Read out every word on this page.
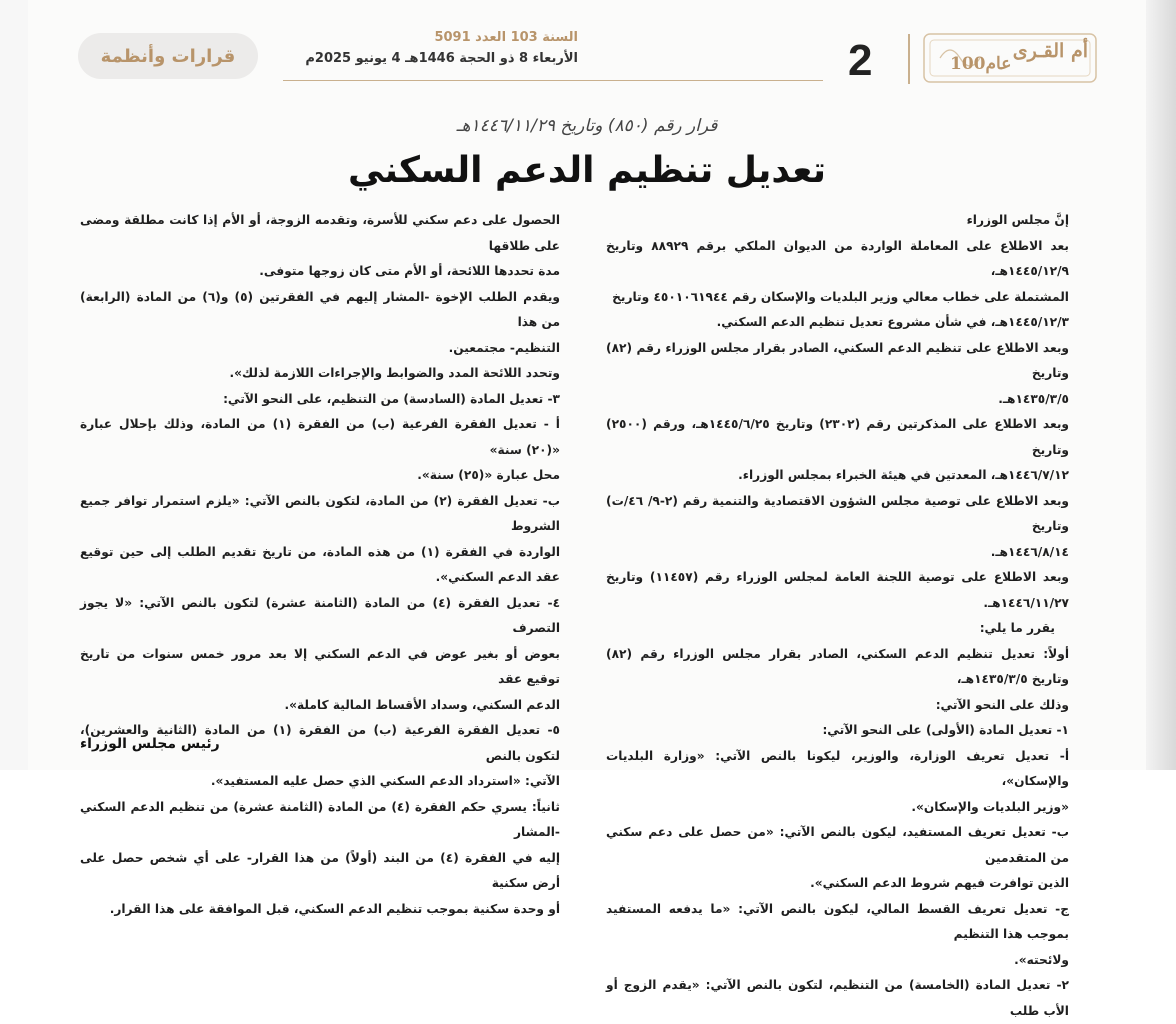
قرارات وأنظمة
السنة 103 العدد 5091
الأربعاء 8 ذو الحجة 1446هـ 4 يونيو 2025م	2	أم القـرى
عام100
قرار رقم (٨٥٠) وتاريخ ١٤٤٦/١١/٢٩هـ
تعديل تنظيم الدعم السكني

إنَّ مجلس الوزراء

بعد الاطلاع على المعاملة الواردة من الديوان الملكي برقم ٨٨٩٢٩ وتاريخ ١٤٤٥/١٢/٩هـ،

المشتملة على خطاب معالي وزير البلديات والإسكان رقم ٤٥٠١٠٦١٩٤٤ وتاريخ

١٤٤٥/١٢/٣هـ، في شأن مشروع تعديل تنظيم الدعم السكني.

وبعد الاطلاع على تنظيم الدعم السكني، الصادر بقرار مجلس الوزراء رقم (٨٢) وتاريخ

١٤٣٥/٣/٥هـ.

وبعد الاطلاع على المذكرتين رقم (٢٣٠٢) وتاريخ ١٤٤٥/٦/٢٥هـ، ورقم (٢٥٠٠) وتاريخ

١٤٤٦/٧/١٢هـ، المعدتين في هيئة الخبراء بمجلس الوزراء.

وبعد الاطلاع على توصية مجلس الشؤون الاقتصادية والتنمية رقم (٢-٩/ ٤٦/ت) وتاريخ

١٤٤٦/٨/١٤هـ.

وبعد الاطلاع على توصية اللجنة العامة لمجلس الوزراء رقم (١١٤٥٧) وتاريخ ١٤٤٦/١١/٢٧هـ.

يقرر ما يلي:

أولاً: تعديل تنظيم الدعم السكني، الصادر بقرار مجلس الوزراء رقم (٨٢) وتاريخ ١٤٣٥/٣/٥هـ،

وذلك على النحو الآتي:

١- تعديل المادة (الأولى) على النحو الآتي:

أ- تعديل تعريف الوزارة، والوزير، ليكونا بالنص الآتي: «وزارة البلديات والإسكان»،

«وزير البلديات والإسكان».

ب- تعديل تعريف المستفيد، ليكون بالنص الآتي: «من حصل على دعم سكني من المتقدمين

الذين توافرت فيهم شروط الدعم السكني».

ج- تعديل تعريف القسط المالي، ليكون بالنص الآتي: «ما يدفعه المستفيد بموجب هذا التنظيم

ولائحته».

٢- تعديل المادة (الخامسة) من التنظيم، لتكون بالنص الآتي: «يقدم الزوج أو الأب طلب

الحصول على دعم سكني للأسرة، وتقدمه الزوجة، أو الأم إذا كانت مطلقة ومضى على طلاقها

مدة تحددها اللائحة، أو الأم متى كان زوجها متوفى.

ويقدم الطلب الإخوة -المشار إليهم في الفقرتين (٥) و(٦) من المادة (الرابعة) من هذا

التنظيم- مجتمعين.

وتحدد اللائحة المدد والضوابط والإجراءات اللازمة لذلك».

٣- تعديل المادة (السادسة) من التنظيم، على النحو الآتي:

أ - تعديل الفقرة الفرعية (ب) من الفقرة (١) من المادة، وذلك بإحلال عبارة «(٢٠) سنة»

محل عبارة «(٢٥) سنة».

ب- تعديل الفقرة (٢) من المادة، لتكون بالنص الآتي: «يلزم استمرار توافر جميع الشروط

الواردة في الفقرة (١) من هذه المادة، من تاريخ تقديم الطلب إلى حين توقيع عقد الدعم السكني».

٤- تعديل الفقرة (٤) من المادة (الثامنة عشرة) لتكون بالنص الآتي: «لا يجوز التصرف

بعوض أو بغير عوض في الدعم السكني إلا بعد مرور خمس سنوات من تاريخ توقيع عقد

الدعم السكني، وسداد الأقساط المالية كاملة».

٥- تعديل الفقرة الفرعية (ب) من الفقرة (١) من المادة (الثانية والعشرين)، لتكون بالنص

الآتي: «استرداد الدعم السكني الذي حصل عليه المستفيد».

ثانياً: يسري حكم الفقرة (٤) من المادة (الثامنة عشرة) من تنظيم الدعم السكني -المشار

إليه في الفقرة (٤) من البند (أولاً) من هذا القرار- على أي شخص حصل على أرض سكنية

أو وحدة سكنية بموجب تنظيم الدعم السكني، قبل الموافقة على هذا القرار.

رئيس مجلس الوزراء
